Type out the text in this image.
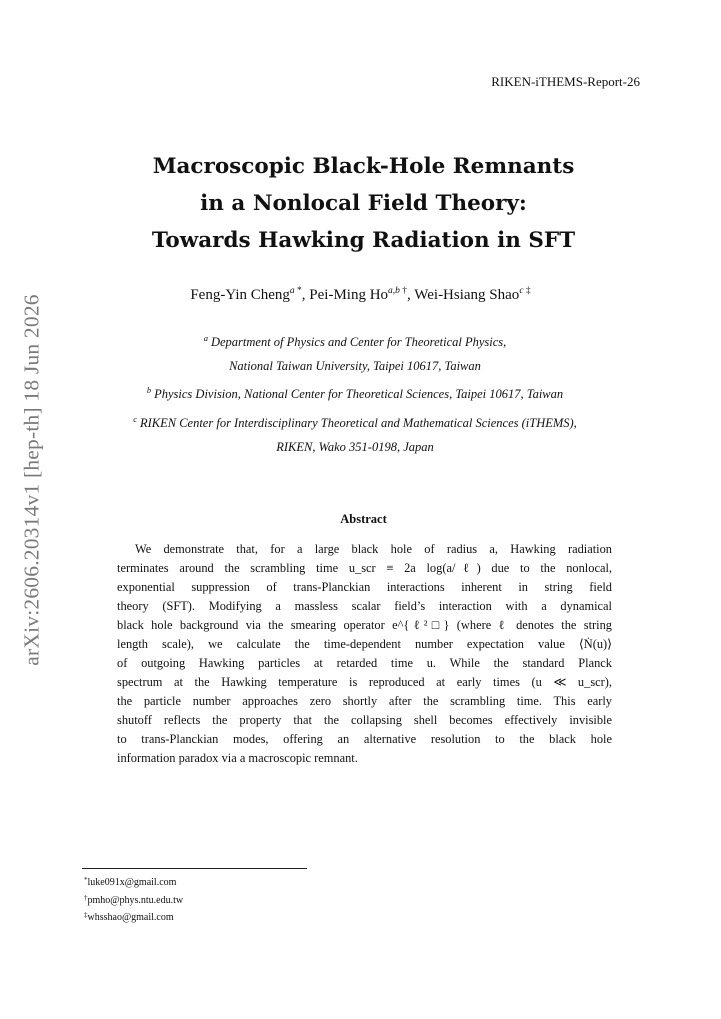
RIKEN-iTHEMS-Report-26
arXiv:2606.20314v1 [hep-th] 18 Jun 2026
Macroscopic Black-Hole Remnants
in a Nonlocal Field Theory:
Towards Hawking Radiation in SFT
Feng-Yin Cheng$^a$ *, Pei-Ming Ho$^{a,b}$ †, Wei-Hsiang Shao$^c$ ‡
$^a$ Department of Physics and Center for Theoretical Physics,
National Taiwan University, Taipei 10617, Taiwan
$^b$ Physics Division, National Center for Theoretical Sciences, Taipei 10617, Taiwan
$^c$ RIKEN Center for Interdisciplinary Theoretical and Mathematical Sciences (iTHEMS),
RIKEN, Wako 351-0198, Japan
Abstract
We demonstrate that, for a large black hole of radius a, Hawking radiation
terminates around the scrambling time u_scr ≡ 2a log(a/ℓ) due to the nonlocal,
exponential suppression of trans-Planckian interactions inherent in string field
theory (SFT). Modifying a massless scalar field’s interaction with a dynamical
black hole background via the smearing operator e^{ℓ²□} (where ℓ denotes the string
length scale), we calculate the time-dependent number expectation value ⟨Ṅ(u)⟩
of outgoing Hawking particles at retarded time u. While the standard Planck
spectrum at the Hawking temperature is reproduced at early times (u ≪ u_scr),
the particle number approaches zero shortly after the scrambling time. This early
shutoff reflects the property that the collapsing shell becomes effectively invisible
to trans-Planckian modes, offering an alternative resolution to the black hole
information paradox via a macroscopic remnant.
*luke091x@gmail.com
†pmho@phys.ntu.edu.tw
‡whsshao@gmail.com
